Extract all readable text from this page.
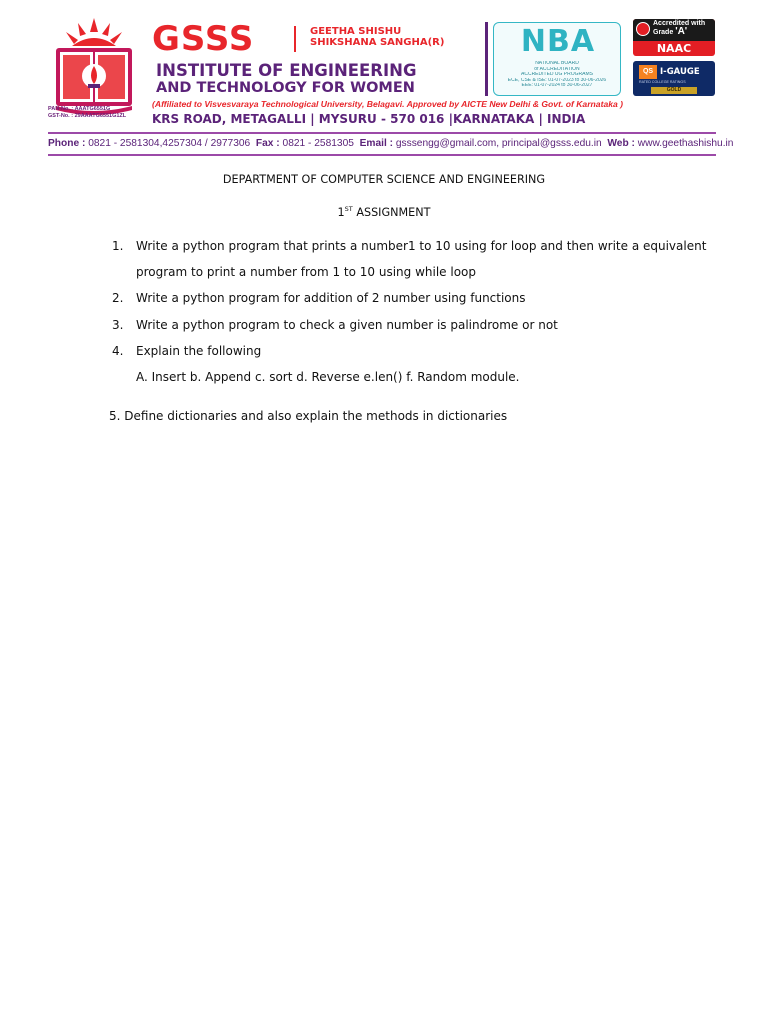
PAN-No. : AAATG6551G
GST-No. : 29AAATG6551G1ZL
GSSS	GEETHA SHISHU
SHIKSHANA SANGHA(R)
INSTITUTE OF ENGINEERING
AND TECHNOLOGY FOR WOMEN
(Affiliated to Visvesvaraya Technological University, Belagavi. Approved by AICTE New Delhi & Govt. of Karnataka )
KRS ROAD, METAGALLI | MYSURU - 570 016 |KARNATAKA | INDIA
NBA
NATIONAL BOARD
of ACCREDITATION
ACCREDITED UG PROGRAMS
ECE, CSE & ISE: 01-07-2023 to 30-06-2026
EEE: 01-07-2024 to 30-06-2027
Accredited with Grade 'A'
NAAC
QS I-GAUGE
RATED COLLEGE RATINGS
GOLD
Phone : 0821 - 2581304,4257304 / 2977306 Fax : 0821 - 2581305 Email : gsssengg@gmail.com, principal@gsss.edu.in Web : www.geethashishu.in
DEPARTMENT OF COMPUTER SCIENCE AND ENGINEERING
1ST ASSIGNMENT
1. Write a python program that prints a number1 to 10 using for loop and then write a equivalent
program to print a number from 1 to 10 using while loop
2. Write a python program for addition of 2 number using functions
3. Write a python program to check a given number is palindrome or not
4. Explain the following
A. Insert b. Append c. sort d. Reverse e.len() f. Random module.
5. Define dictionaries and also explain the methods in dictionaries
